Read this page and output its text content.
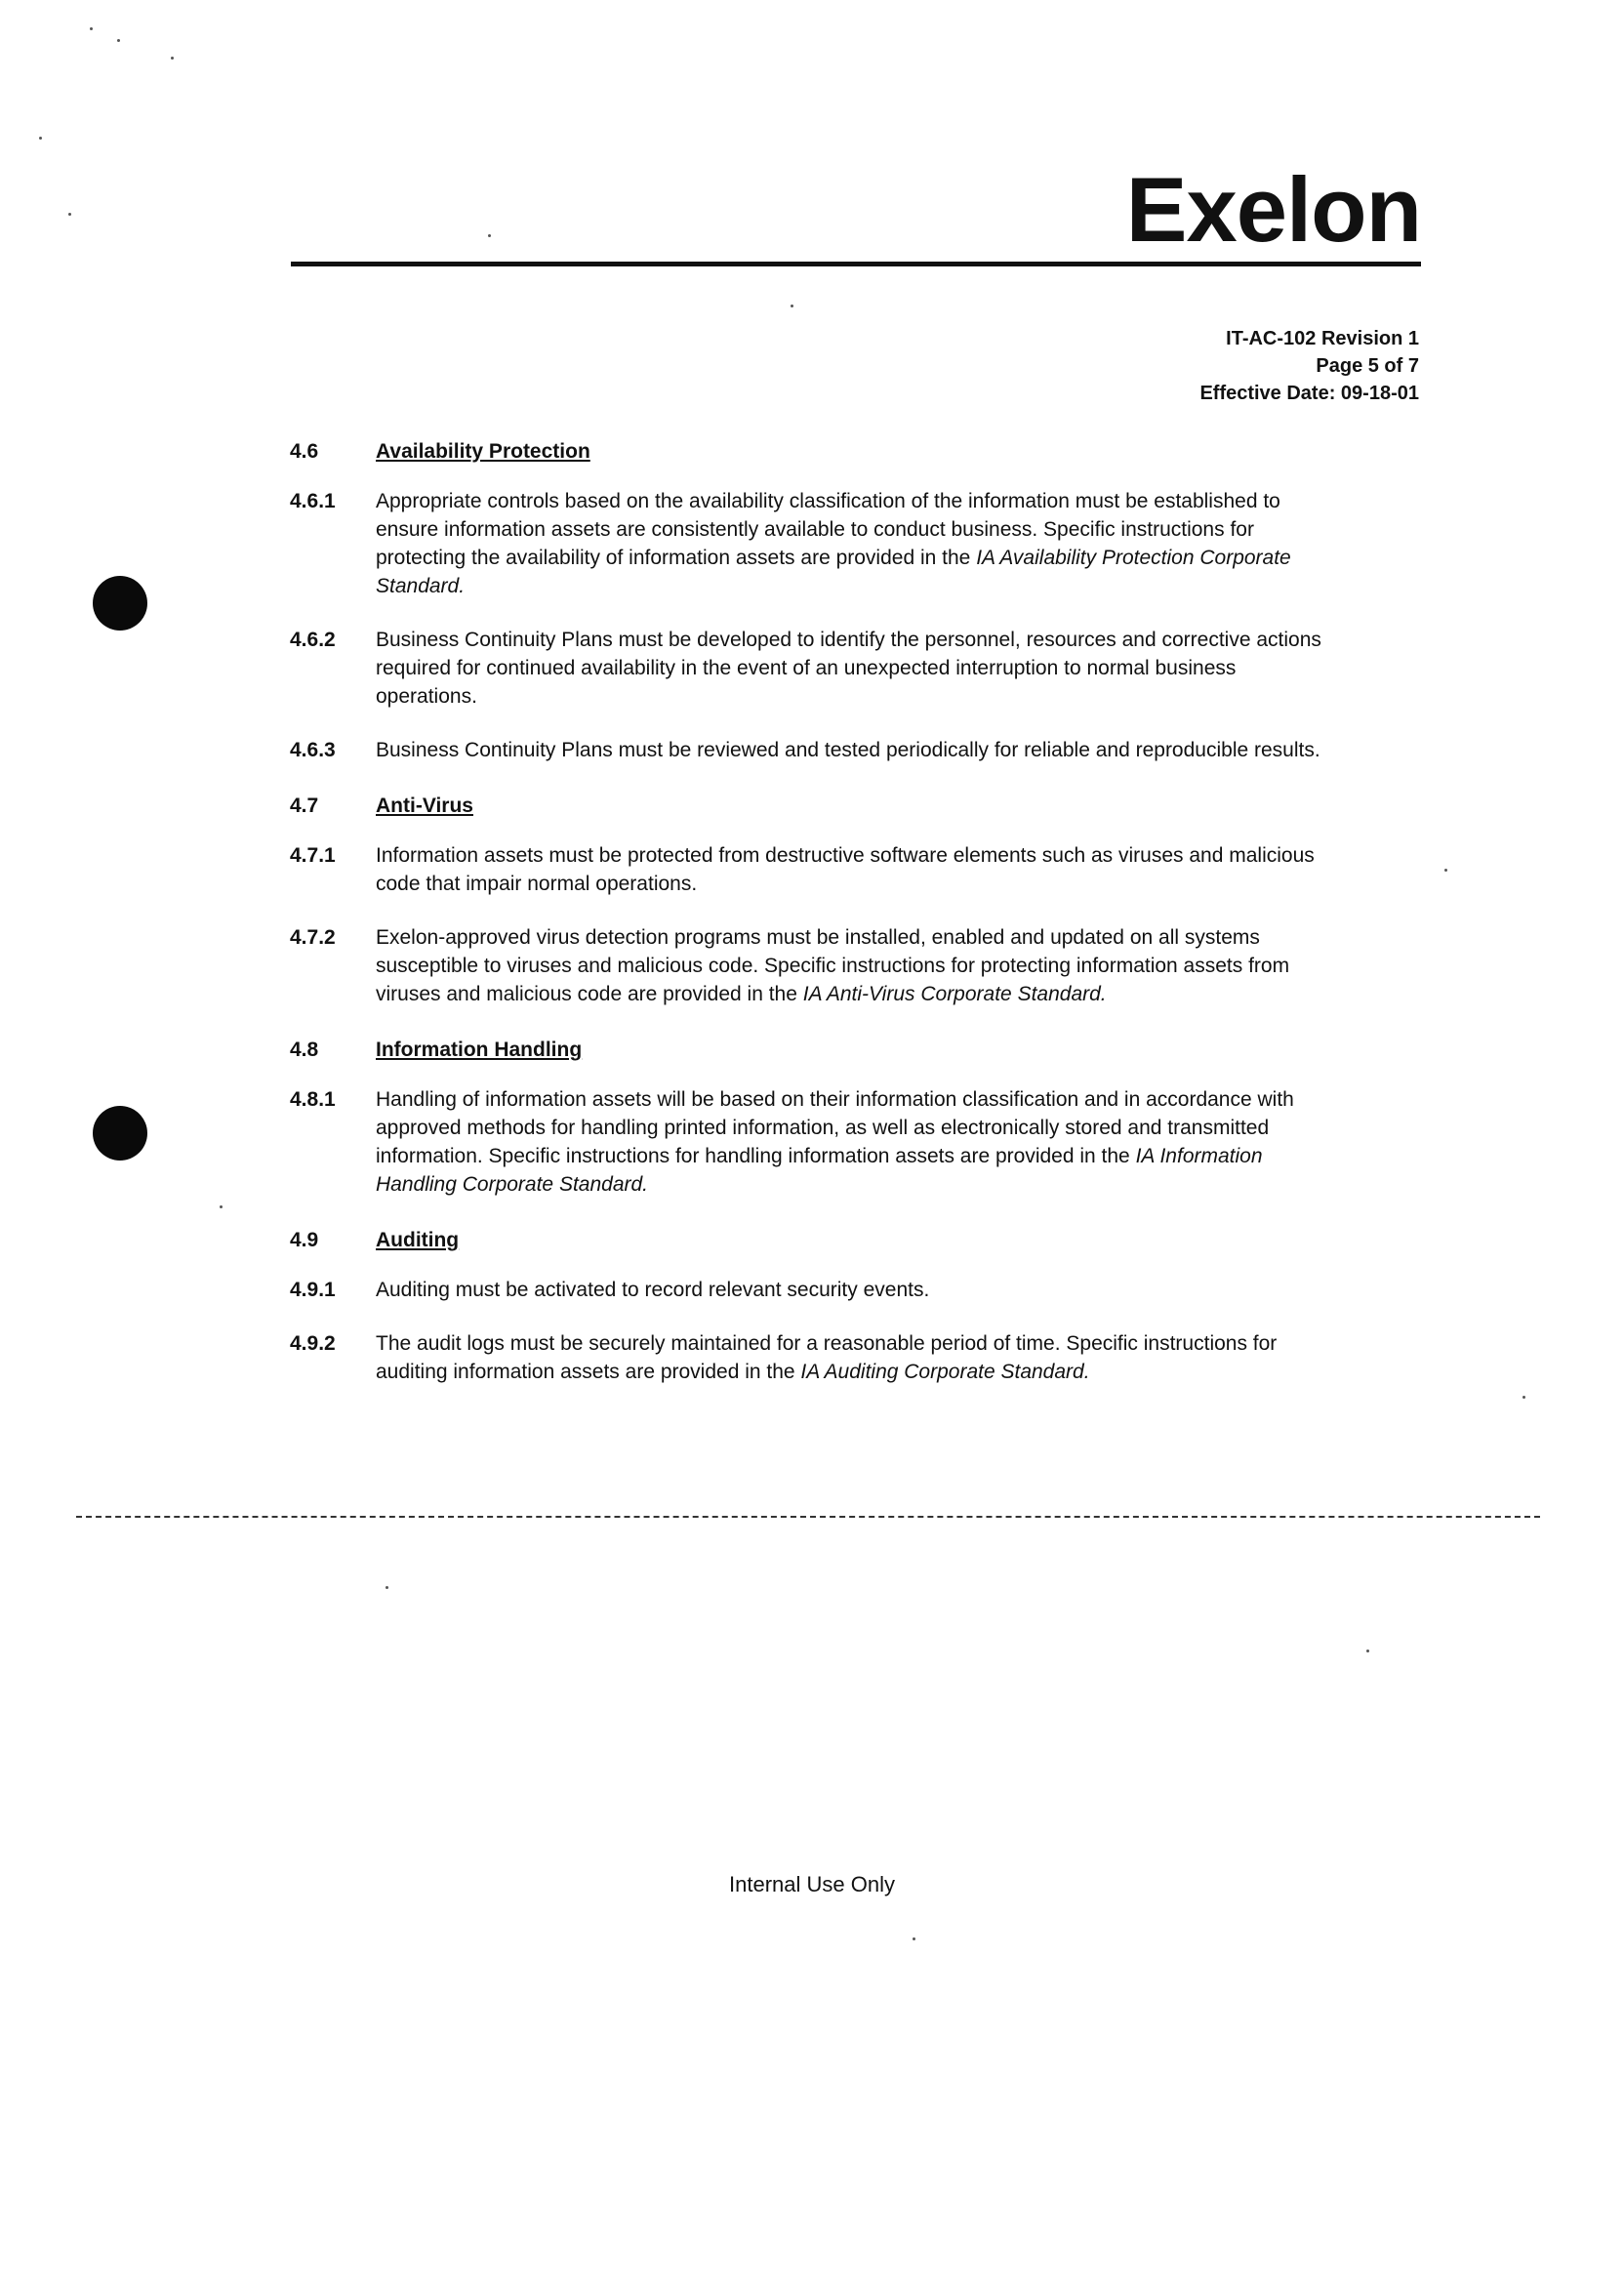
Exelon
IT-AC-102 Revision 1
Page 5 of 7
Effective Date: 09-18-01
4.6	Availability Protection
4.6.1	Appropriate controls based on the availability classification of the information must be established to ensure information assets are consistently available to conduct business. Specific instructions for protecting the availability of information assets are provided in the IA Availability Protection Corporate Standard.
4.6.2	Business Continuity Plans must be developed to identify the personnel, resources and corrective actions required for continued availability in the event of an unexpected interruption to normal business operations.
4.6.3	Business Continuity Plans must be reviewed and tested periodically for reliable and reproducible results.
4.7	Anti-Virus
4.7.1	Information assets must be protected from destructive software elements such as viruses and malicious code that impair normal operations.
4.7.2	Exelon-approved virus detection programs must be installed, enabled and updated on all systems susceptible to viruses and malicious code. Specific instructions for protecting information assets from viruses and malicious code are provided in the IA Anti-Virus Corporate Standard.
4.8	Information Handling
4.8.1	Handling of information assets will be based on their information classification and in accordance with approved methods for handling printed information, as well as electronically stored and transmitted information. Specific instructions for handling information assets are provided in the IA Information Handling Corporate Standard.
4.9	Auditing
4.9.1	Auditing must be activated to record relevant security events.
4.9.2	The audit logs must be securely maintained for a reasonable period of time. Specific instructions for auditing information assets are provided in the IA Auditing Corporate Standard.
Internal Use Only
